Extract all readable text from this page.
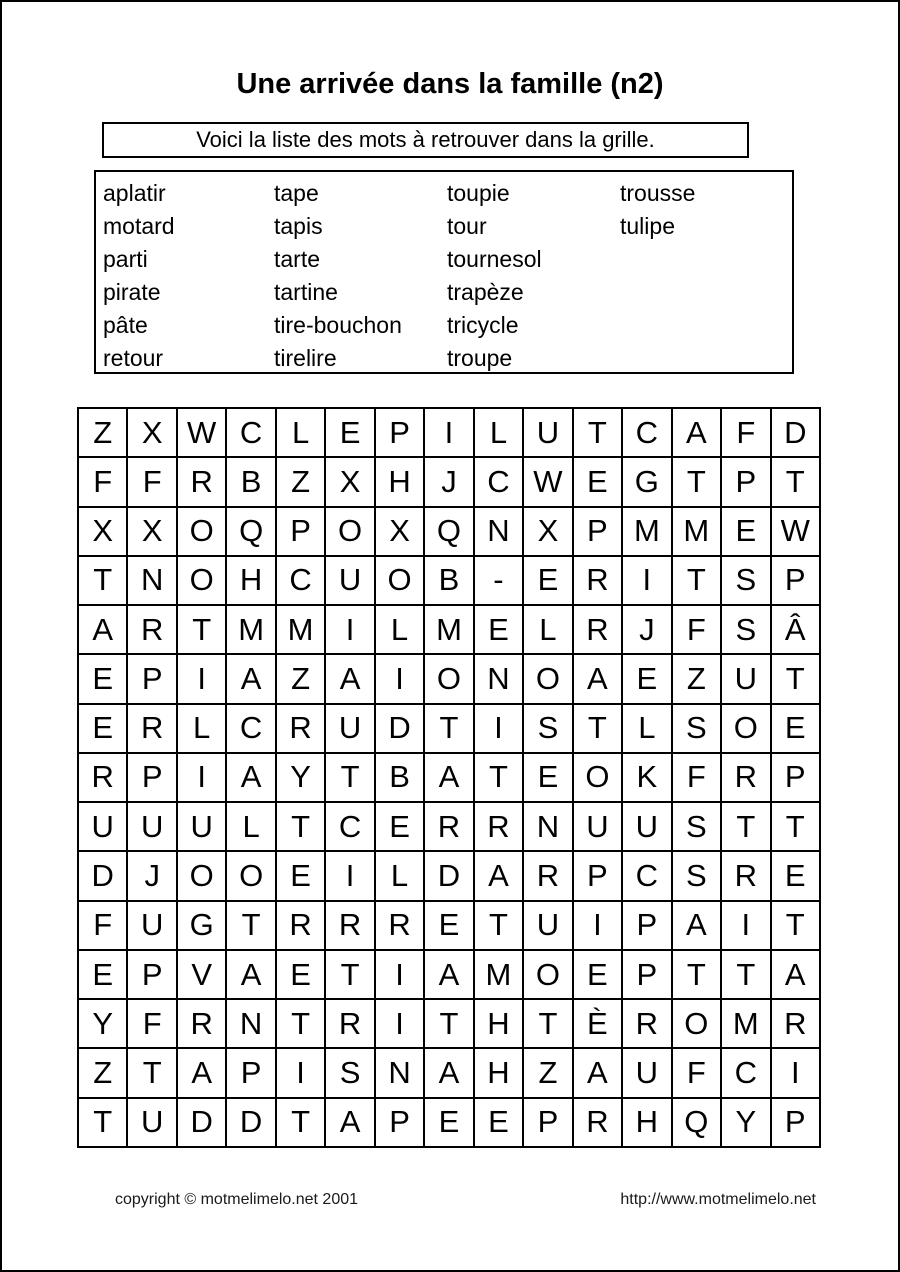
Une arrivée dans la famille (n2)
Voici la liste des mots à retrouver dans la grille.
aplatir
motard
parti
pirate
pâte
retour
tape
tapis
tarte
tartine
tire-bouchon
tirelire
toupie
tour
tournesol
trapèze
tricycle
troupe
trousse
tulipe
Z X W C L E P	I	L U T C A F D
F F R B Z X H J C W E G T P T
X X O Q P O X Q N X P M M E W
T N O H C U O B	-	E R	I	T S P
A R T M M	I	L M E L R J	F S Â
E P	I	A Z A	I	O N O A E Z U T
E R L C R U D T	I	S T	L S O E
R P	I	A Y T B A T E O K F R P
U U U L	T C E R R N U U S T T
D J O O E	I	L D A R P C S R E
F U G T R R R E T U	I	P A	I	T
E P V A E T	I	A M O E P T T A
Y F R N T R	I	T H T È R O M R
Z T A P	I	S N A H Z A U F C	I
T U D D T A P E E P R H Q Y P
copyright © motmelimelo.net 2001	http://www.motmelimelo.net
